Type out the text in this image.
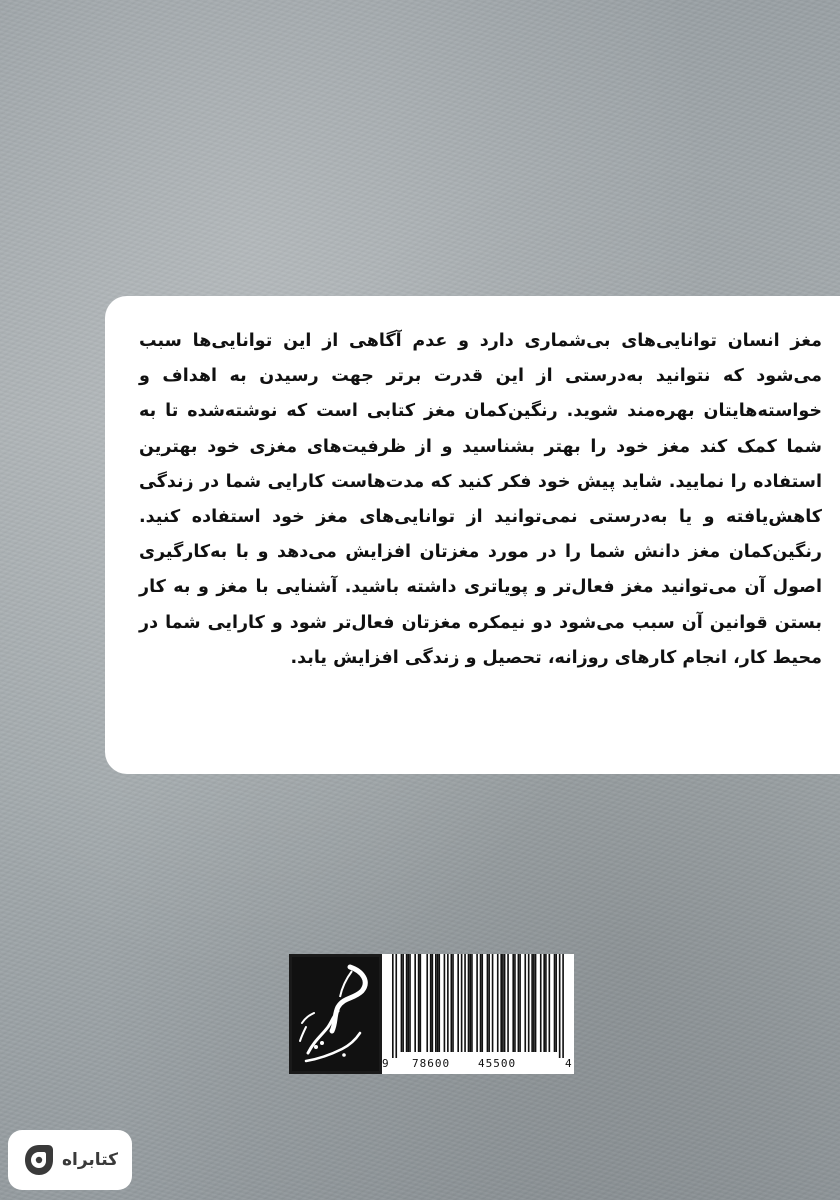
مغز انسان توانایی‌های بی‌شماری دارد و عدم آگاهی از این توانایی‌ها سبب می‌شود که نتوانید به‌درستی از این قدرت برتر جهت رسیدن به اهداف و خواسته‌هایتان بهره‌مند شوید. رنگین‌کمان مغز کتابی است که نوشته‌شده تا به شما کمک کند مغز خود را بهتر بشناسید و از ظرفیت‌های مغزی خود بهترین استفاده را نمایید. شاید پیش خود فکر کنید که مدت‌هاست کارایی شما در زندگی کاهش‌یافته و یا به‌درستی نمی‌توانید از توانایی‌های مغز خود استفاده کنید. رنگین‌کمان مغز دانش شما را در مورد مغزتان افزایش می‌دهد و با به‌کارگیری اصول آن می‌توانید مغز فعال‌تر و پویاتری داشته باشید. آشنایی با مغز و به کار بستن قوانین آن سبب می‌شود دو نیمکره مغزتان فعال‌تر شود و کارایی شما در محیط کار، انجام کارهای روزانه، تحصیل و زندگی افزایش یابد.
9 78600	45500	4
کتابراه
